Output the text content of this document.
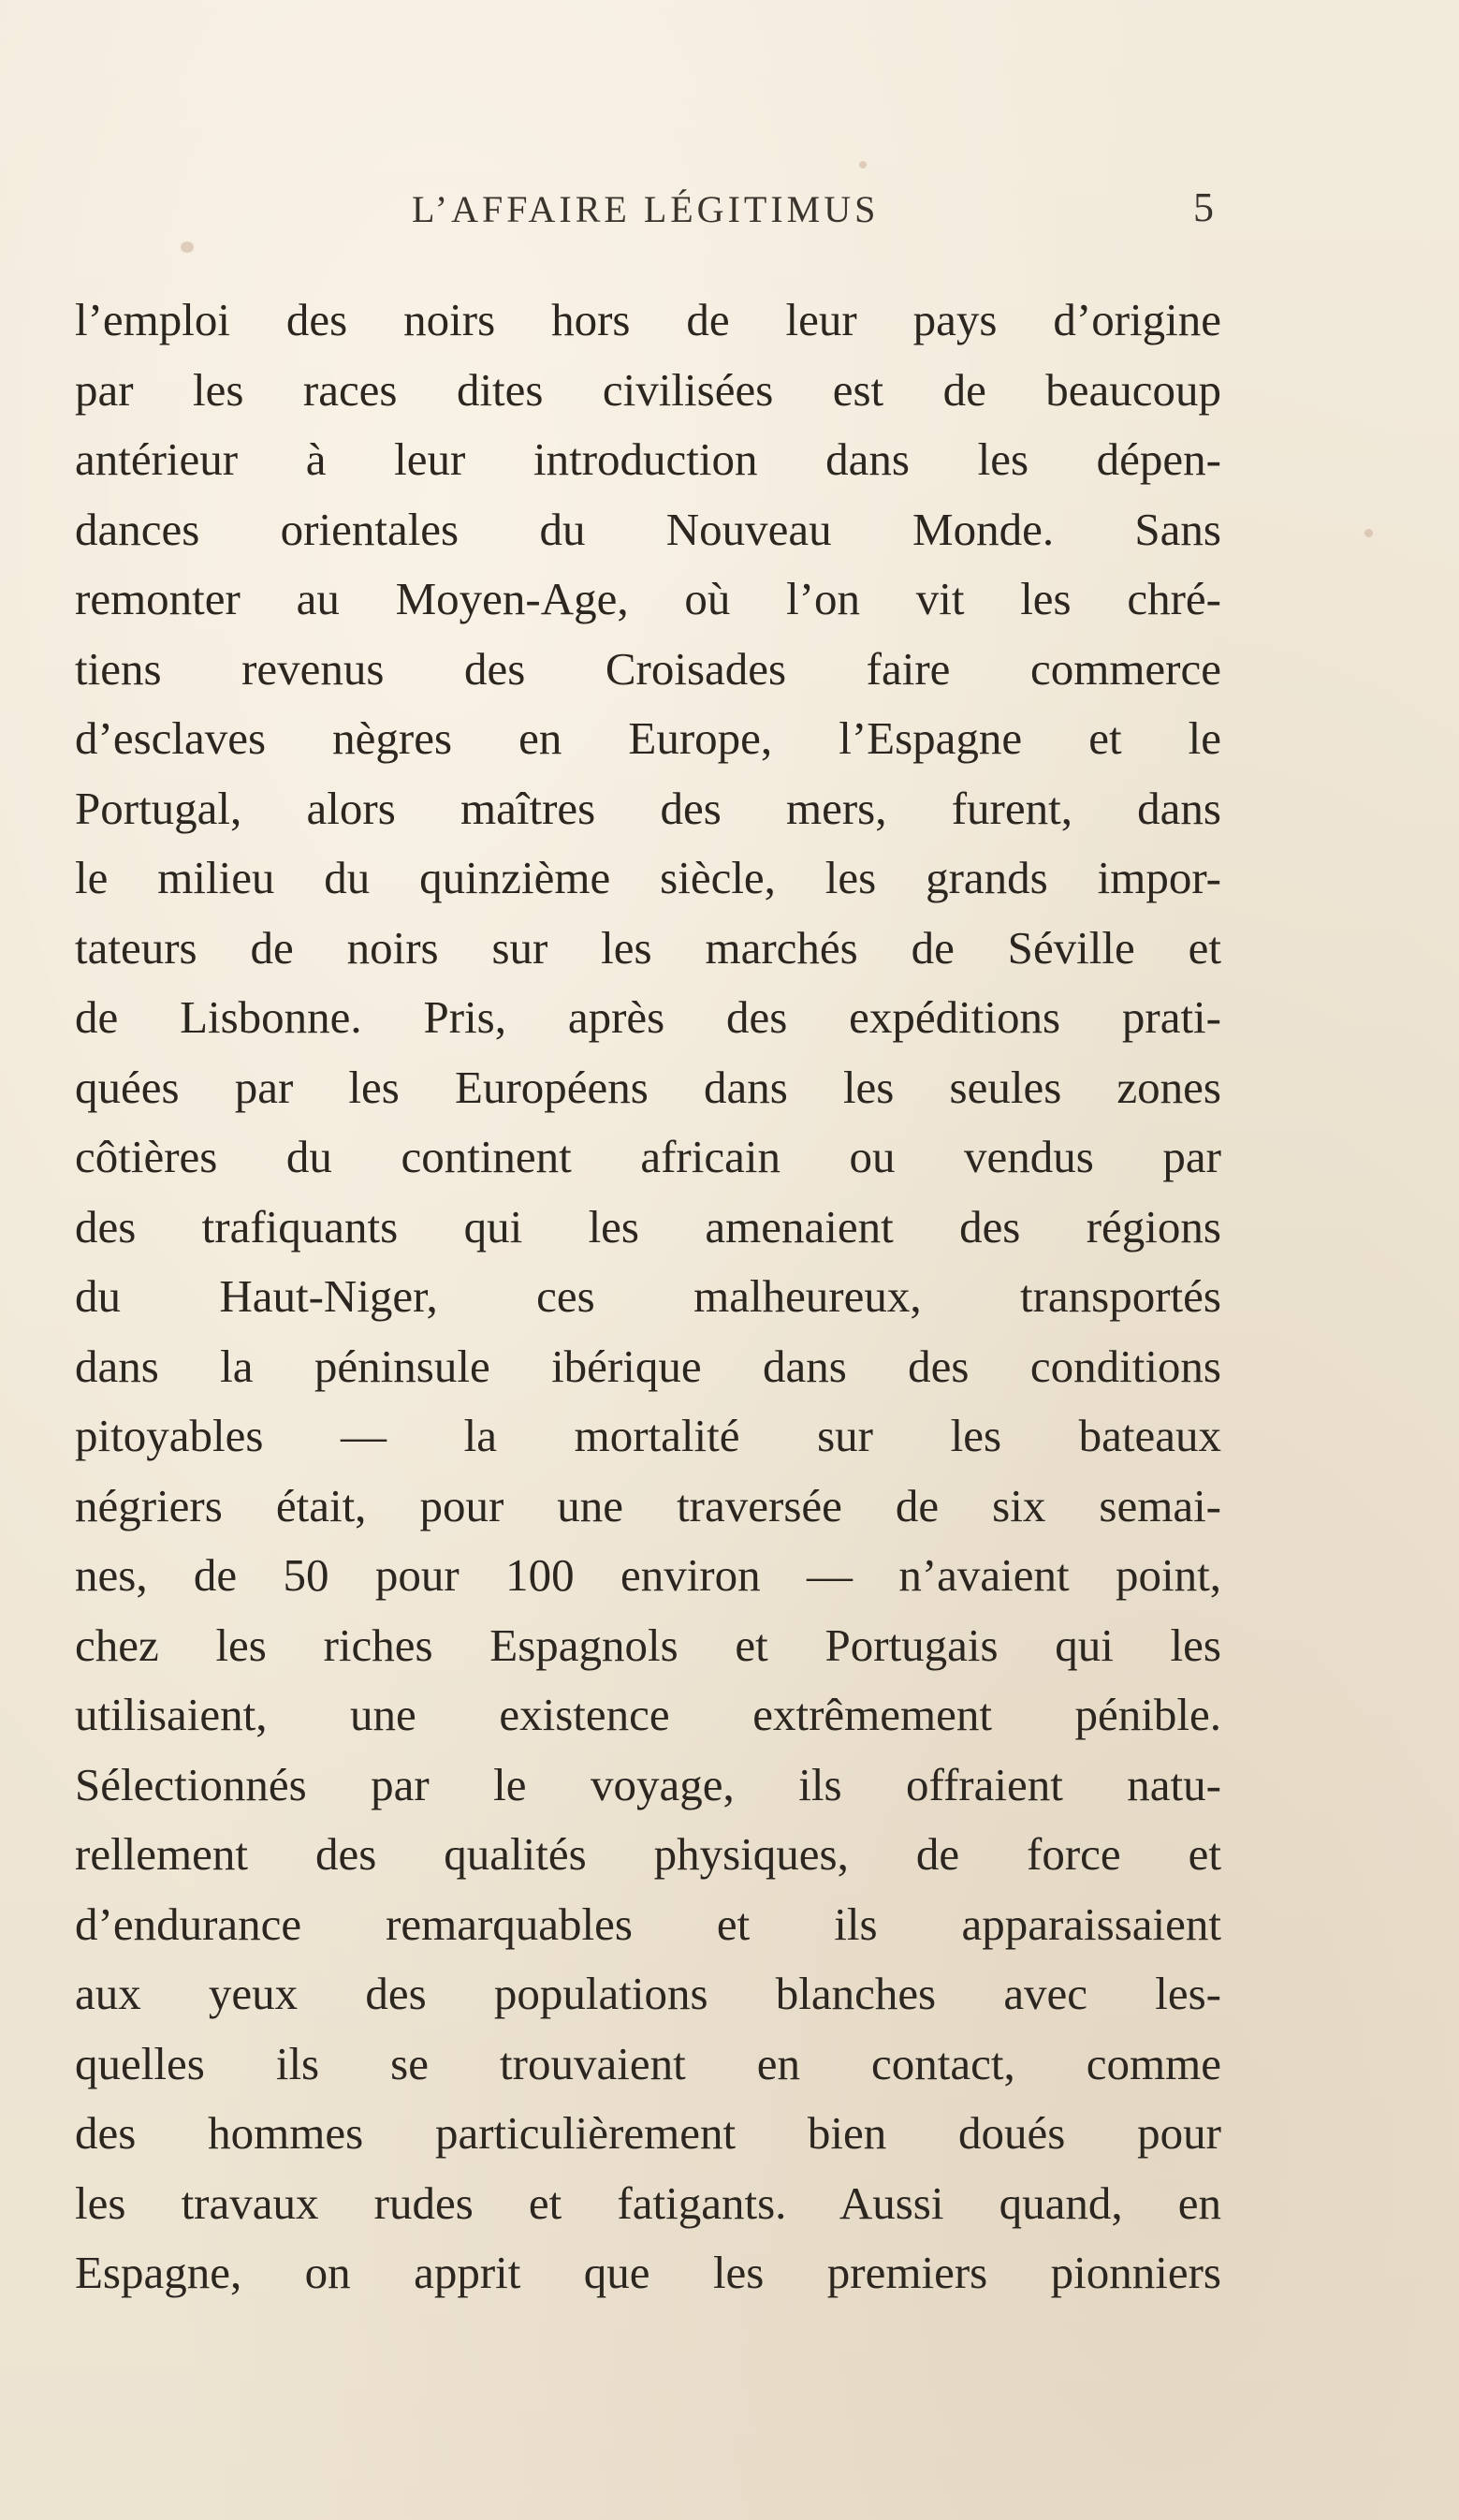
L’AFFAIRE LÉGITIMUS	5
l’emploi des noirs hors de leur pays d’origine
par les races dites civilisées est de beaucoup
antérieur à leur introduction dans les dépen-
dances orientales du Nouveau Monde. Sans
remonter au Moyen-Age, où l’on vit les chré-
tiens revenus des Croisades faire commerce
d’esclaves nègres en Europe, l’Espagne et le
Portugal, alors maîtres des mers, furent, dans
le milieu du quinzième siècle, les grands impor-
tateurs de noirs sur les marchés de Séville et
de Lisbonne. Pris, après des expéditions prati-
quées par les Européens dans les seules zones
côtières du continent africain ou vendus par
des trafiquants qui les amenaient des régions
du Haut-Niger, ces malheureux, transportés
dans la péninsule ibérique dans des conditions
pitoyables — la mortalité sur les bateaux
négriers était, pour une traversée de six semai-
nes, de 50 pour 100 environ — n’avaient point,
chez les riches Espagnols et Portugais qui les
utilisaient, une existence extrêmement pénible.
Sélectionnés par le voyage, ils offraient natu-
rellement des qualités physiques, de force et
d’endurance remarquables et ils apparaissaient
aux yeux des populations blanches avec les-
quelles ils se trouvaient en contact, comme
des hommes particulièrement bien doués pour
les travaux rudes et fatigants. Aussi quand, en
Espagne, on apprit que les premiers pionniers
